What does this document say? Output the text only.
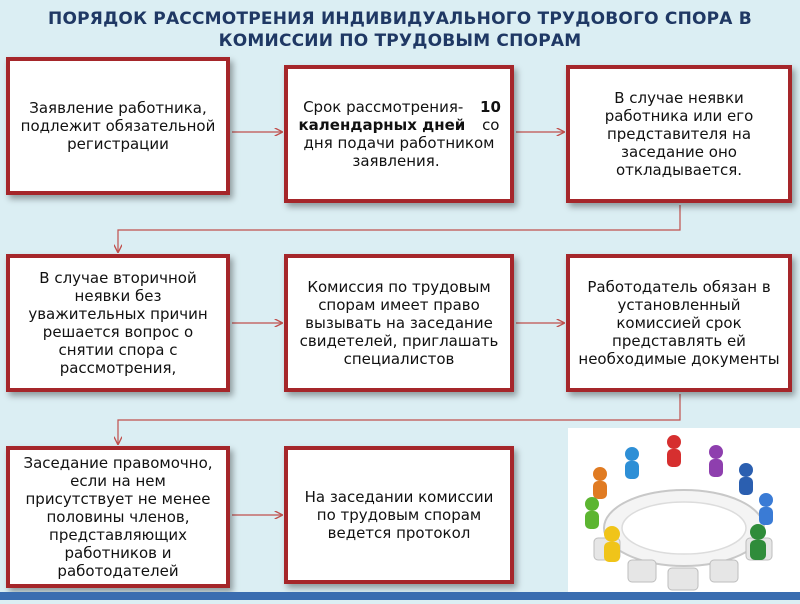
ПОРЯДОК РАССМОТРЕНИЯ ИНДИВИДУАЛЬНОГО ТРУДОВОГО СПОРА В
КОМИССИИ ПО ТРУДОВЫМ СПОРАМ
Заявление работника, подлежит обязательной регистрации
Срок рассмотрения- 10 календарных дней со дня подачи работником заявления.
В случае неявки работника или его представителя на заседание оно откладывается.
В случае вторичной неявки без уважительных причин решается вопрос о снятии спора с рассмотрения,
Комиссия по трудовым спорам имеет право вызывать на заседание свидетелей, приглашать специалистов
Работодатель обязан в установленный комиссией срок представлять ей необходимые документы
Заседание правомочно, если на нем присутствует не менее половины членов, представляющих работников и работодателей
На заседании комиссии по трудовым спорам ведется протокол
